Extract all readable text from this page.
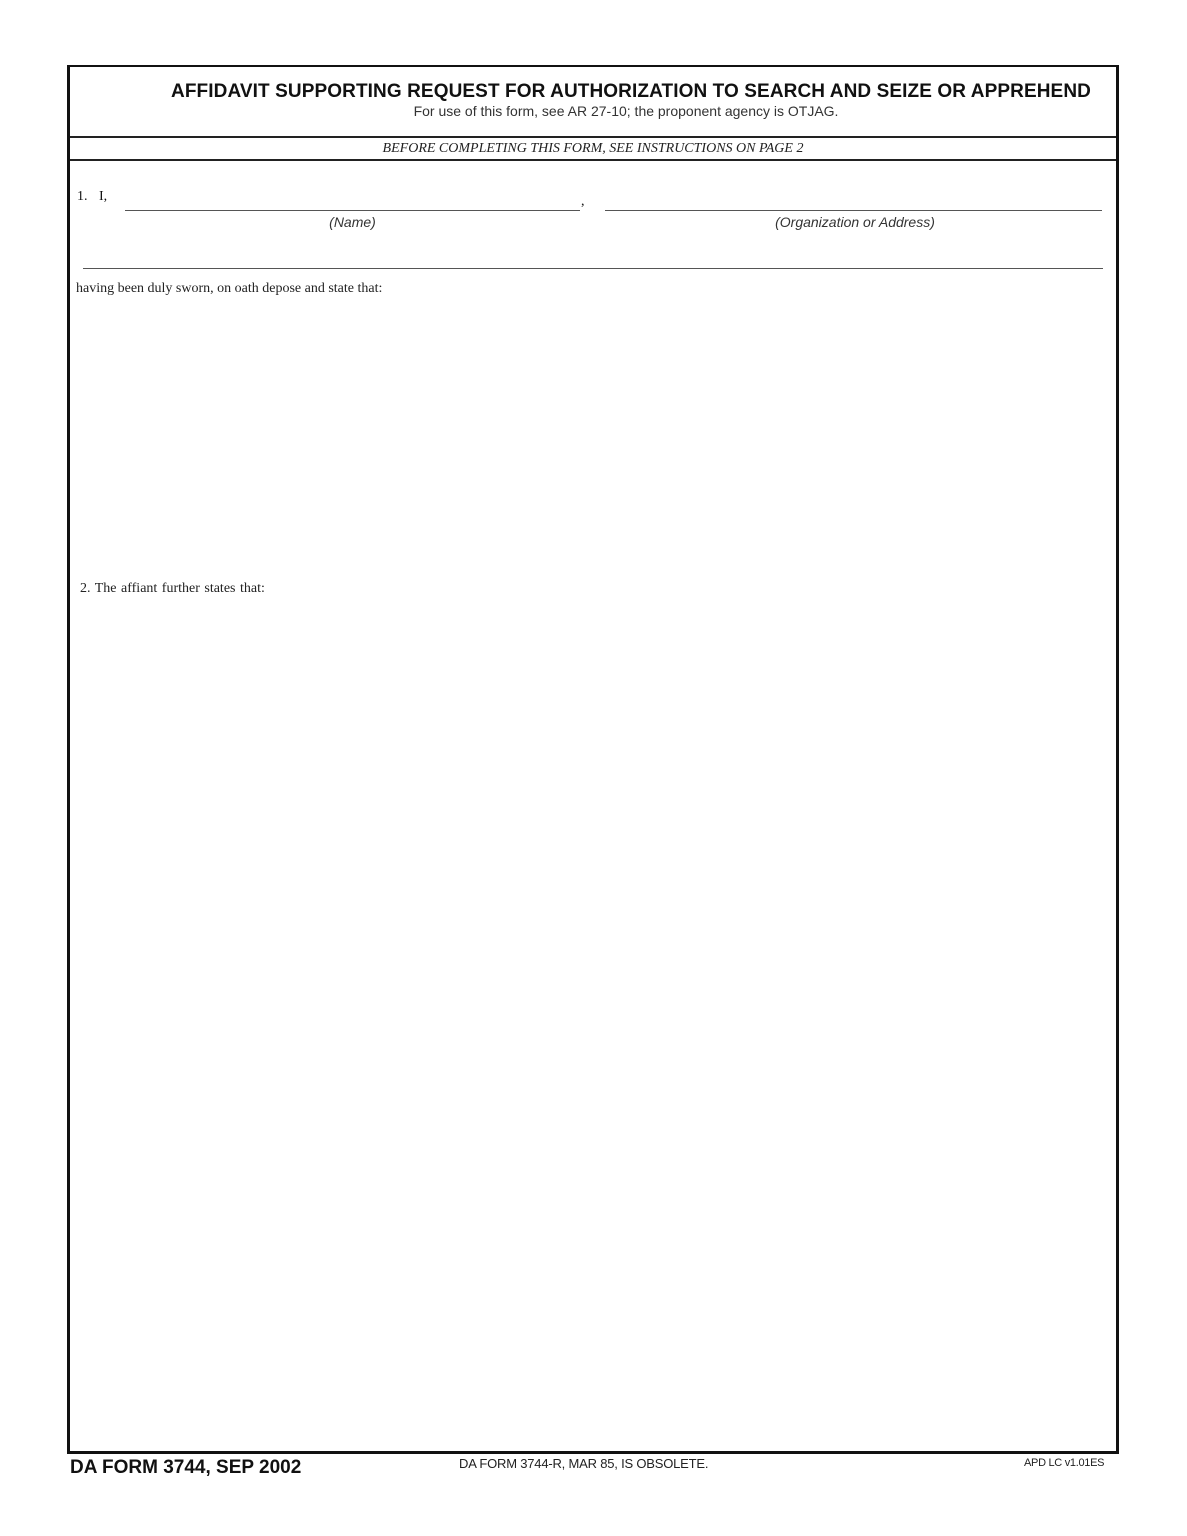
AFFIDAVIT SUPPORTING REQUEST FOR AUTHORIZATION TO SEARCH AND SEIZE OR APPREHEND
For use of this form, see AR 27-10; the proponent agency is OTJAG.
BEFORE COMPLETING THIS FORM, SEE INSTRUCTIONS ON PAGE 2
1. I,	,
(Name)	(Organization or Address)
having been duly sworn, on oath depose and state that:
2. The affiant further states that:
DA FORM 3744, SEP 2002	DA FORM 3744-R, MAR 85, IS OBSOLETE.	APD LC v1.01ES
